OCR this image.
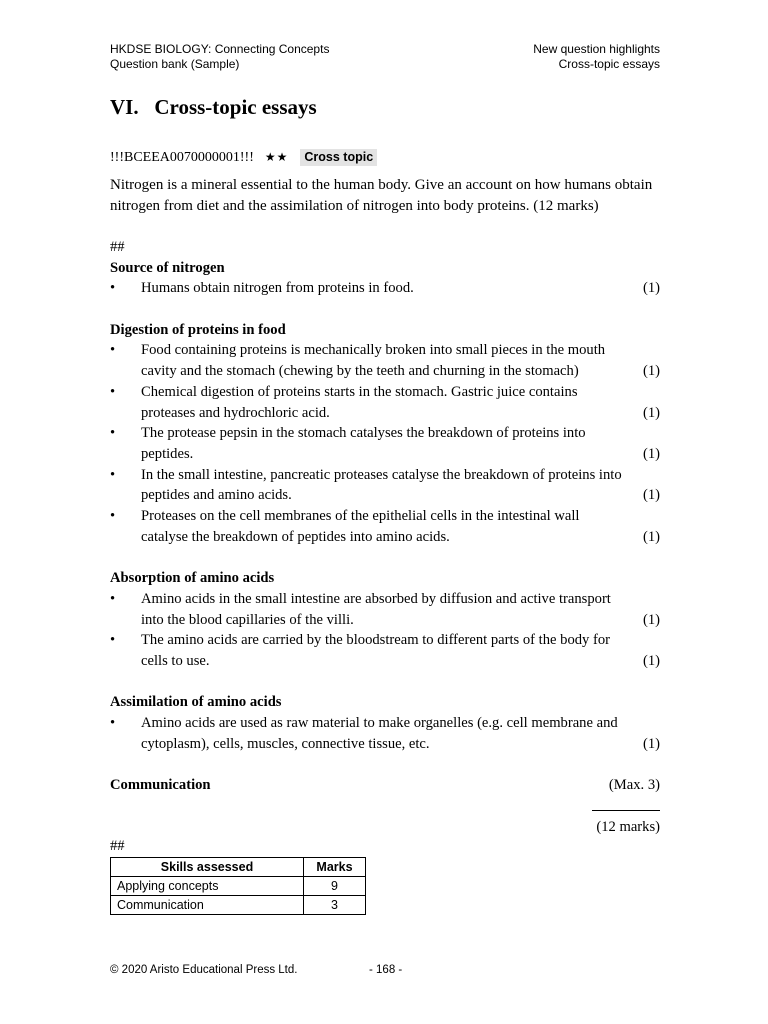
HKDSE BIOLOGY: Connecting Concepts
Question bank (Sample)
New question highlights
Cross-topic essays
VI.   Cross-topic essays
!!!BCEEA0070000001!!! ★★	Cross topic
Nitrogen is a mineral essential to the human body. Give an account on how humans obtain nitrogen from diet and the assimilation of nitrogen into body proteins. (12 marks)
##
Source of nitrogen
•	Humans obtain nitrogen from proteins in food.	(1)
Digestion of proteins in food
•	Food containing proteins is mechanically broken into small pieces in the mouth
cavity and the stomach (chewing by the teeth and churning in the stomach)	(1)
•	Chemical digestion of proteins starts in the stomach. Gastric juice contains
proteases and hydrochloric acid.	(1)
•	The protease pepsin in the stomach catalyses the breakdown of proteins into
peptides.	(1)
•	In the small intestine, pancreatic proteases catalyse the breakdown of proteins into
peptides and amino acids.	(1)
•	Proteases on the cell membranes of the epithelial cells in the intestinal wall
catalyse the breakdown of peptides into amino acids.	(1)
Absorption of amino acids
•	Amino acids in the small intestine are absorbed by diffusion and active transport
into the blood capillaries of the villi.	(1)
•	The amino acids are carried by the bloodstream to different parts of the body for
cells to use.	(1)
Assimilation of amino acids
•	Amino acids are used as raw material to make organelles (e.g. cell membrane and
cytoplasm), cells, muscles, connective tissue, etc.	(1)
Communication	(Max. 3)
(12 marks)
##
Skills assessed	Marks
Applying concepts	9
Communication	3
© 2020 Aristo Educational Press Ltd.	- 168 -
